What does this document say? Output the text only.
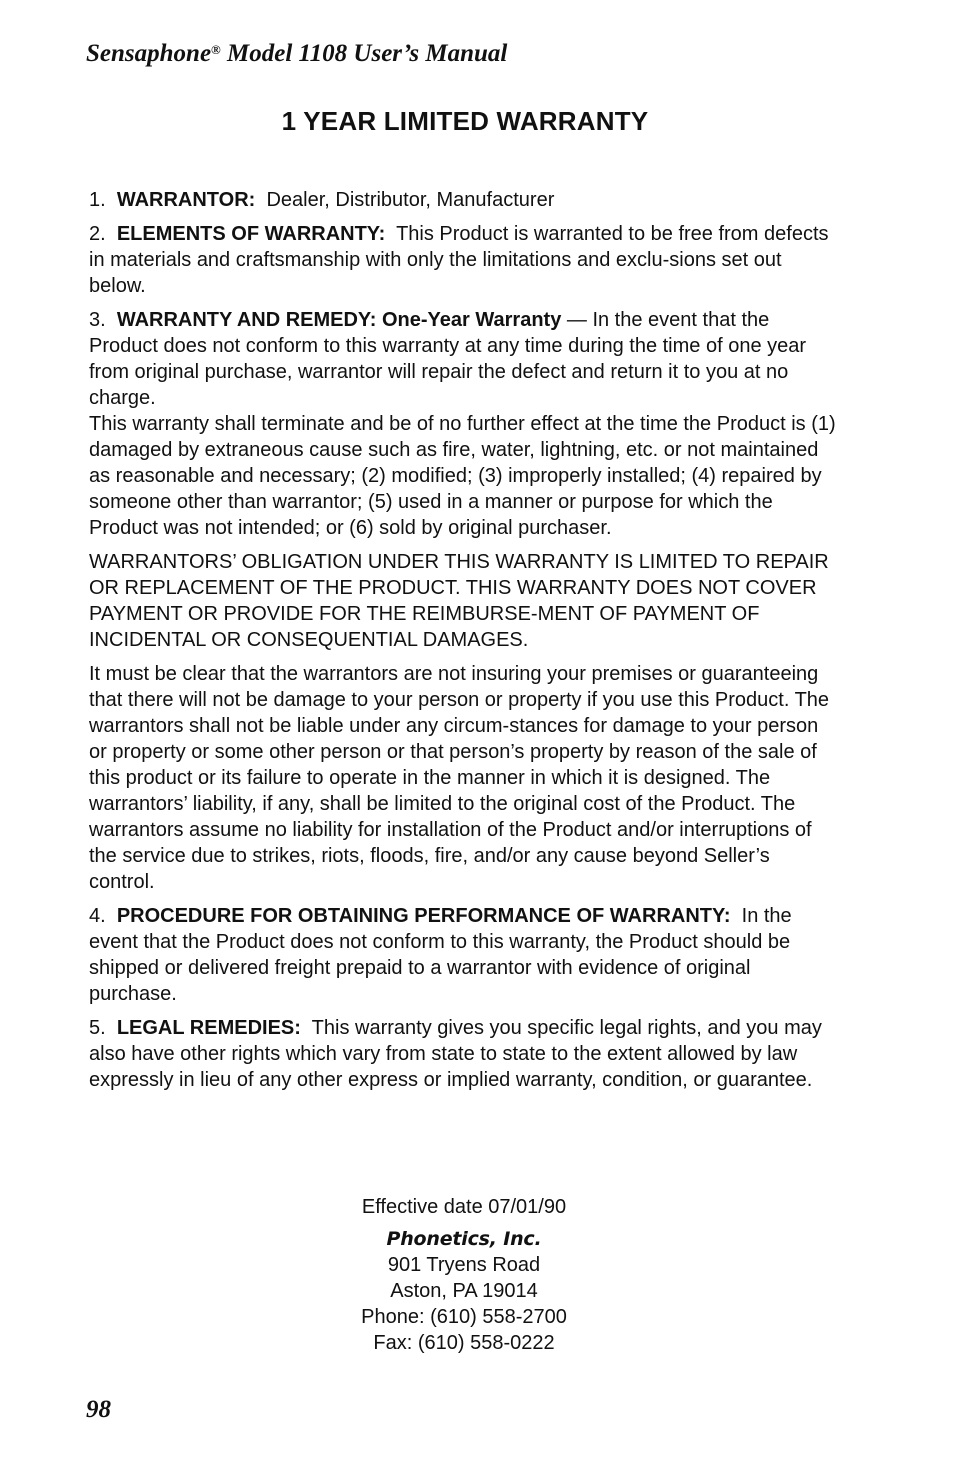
Sensaphone® Model 1108 User’s Manual
1 YEAR LIMITED WARRANTY

1. WARRANTOR: Dealer, Distributor, Manufacturer

2. ELEMENTS OF WARRANTY: This Product is warranted to be free from defects in materials and craftsmanship with only the limitations and exclu-sions set out below.

3. WARRANTY AND REMEDY: One-Year Warranty — In the event that the Product does not conform to this warranty at any time during the time of one year from original purchase, warrantor will repair the defect and return it to you at no charge.
This warranty shall terminate and be of no further effect at the time the Product is (1) damaged by extraneous cause such as fire, water, lightning, etc. or not maintained as reasonable and necessary; (2) modified; (3) improperly installed; (4) repaired by someone other than warrantor; (5) used in a manner or purpose for which the Product was not intended; or (6) sold by original purchaser.

WARRANTORS’ OBLIGATION UNDER THIS WARRANTY IS LIMITED TO REPAIR OR REPLACEMENT OF THE PRODUCT. THIS WARRANTY DOES NOT COVER PAYMENT OR PROVIDE FOR THE REIMBURSE-MENT OF PAYMENT OF INCIDENTAL OR CONSEQUENTIAL DAMAGES.

It must be clear that the warrantors are not insuring your premises or guaranteeing that there will not be damage to your person or property if you use this Product. The warrantors shall not be liable under any circum-stances for damage to your person or property or some other person or that person’s property by reason of the sale of this product or its failure to operate in the manner in which it is designed. The warrantors’ liability, if any, shall be limited to the original cost of the Product. The warrantors assume no liability for installation of the Product and/or interruptions of the service due to strikes, riots, floods, fire, and/or any cause beyond Seller’s control.

4. PROCEDURE FOR OBTAINING PERFORMANCE OF WARRANTY: In the event that the Product does not conform to this warranty, the Product should be shipped or delivered freight prepaid to a warrantor with evidence of original purchase.

5. LEGAL REMEDIES: This warranty gives you specific legal rights, and you may also have other rights which vary from state to state to the extent allowed by law expressly in lieu of any other express or implied warranty, condition, or guarantee.

Effective date 07/01/90
Phonetics, Inc.
901 Tryens Road
Aston, PA 19014
Phone: (610) 558-2700
Fax: (610) 558-0222
98
